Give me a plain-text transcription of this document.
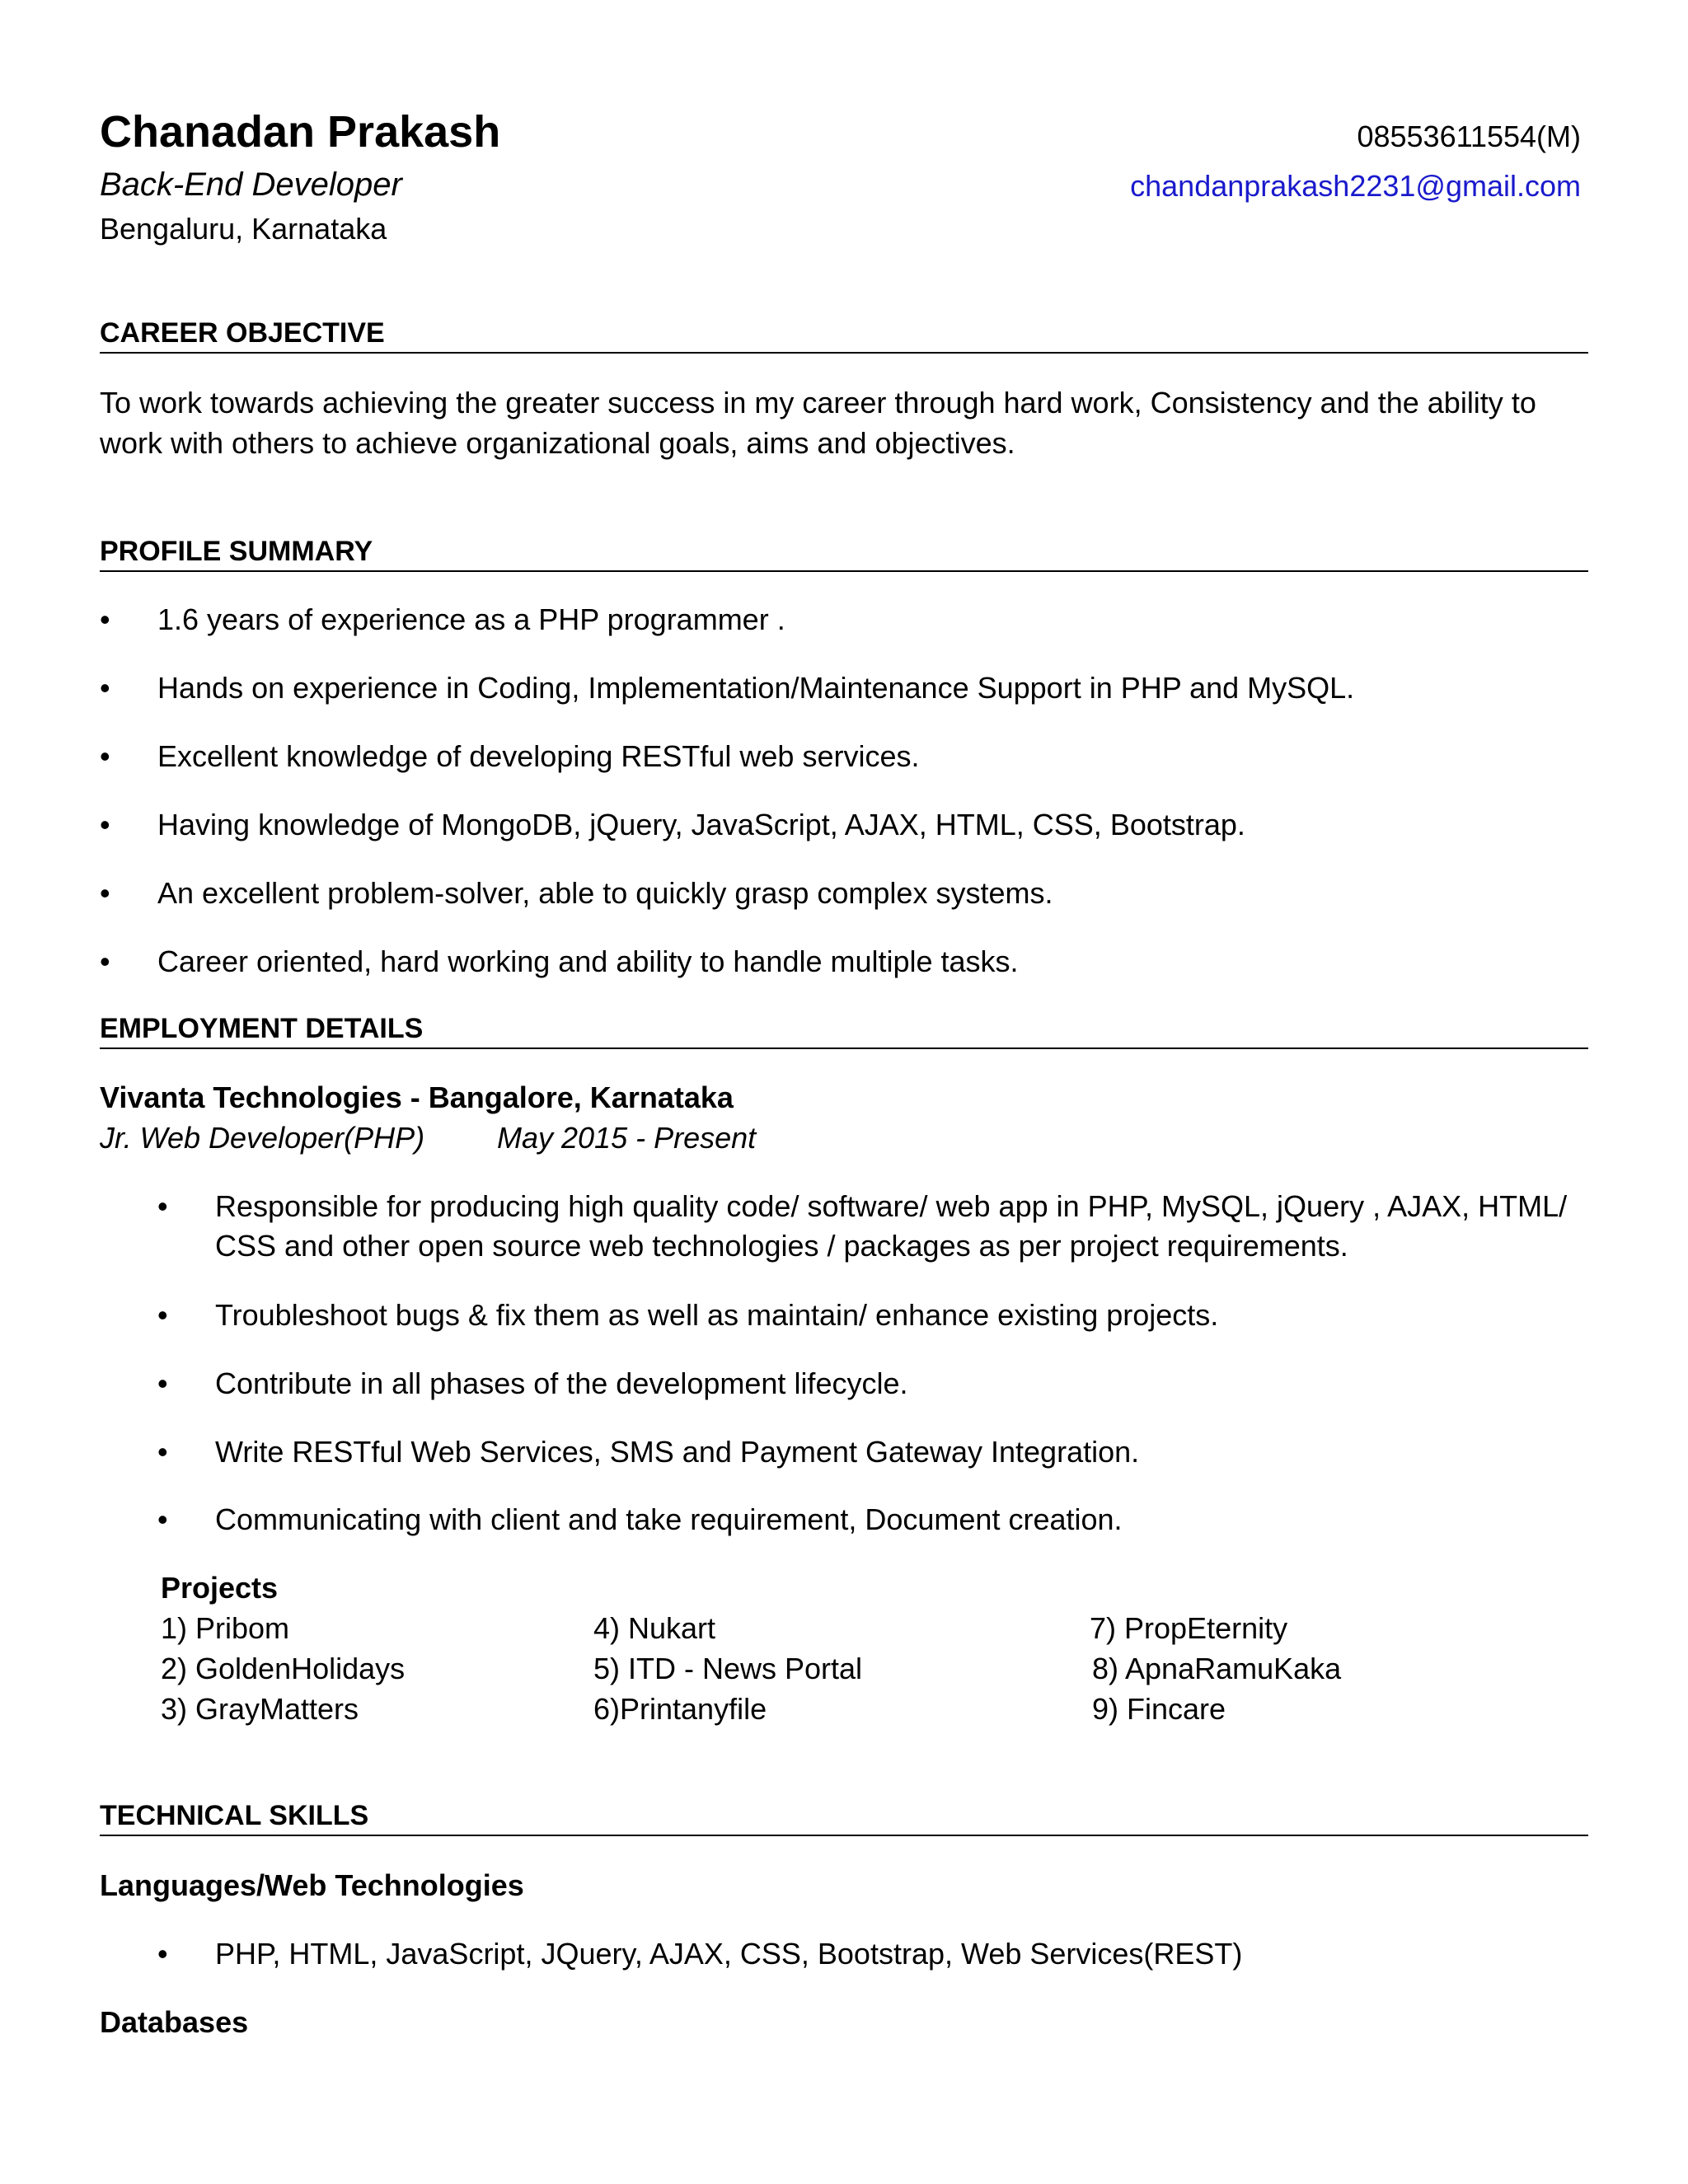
Chanadan Prakash	08553611554(M)
Back-End Developer	chandanprakash2231@gmail.com
Bengaluru, Karnataka
CAREER OBJECTIVE
To work towards achieving the greater success in my career through hard work, Consistency and the ability to
work with others to achieve organizational goals, aims and objectives.
PROFILE SUMMARY
• 1.6 years of experience as a PHP programmer .
• Hands on experience in Coding, Implementation/Maintenance Support in PHP and MySQL.
• Excellent knowledge of developing RESTful web services.
• Having knowledge of MongoDB, jQuery, JavaScript, AJAX, HTML, CSS, Bootstrap.
• An excellent problem-solver, able to quickly grasp complex systems.
• Career oriented, hard working and ability to handle multiple tasks.
EMPLOYMENT DETAILS
Vivanta Technologies - Bangalore, Karnataka
Jr. Web Developer(PHP) May 2015 - Present
• Responsible for producing high quality code/ software/ web app in PHP, MySQL, jQuery , AJAX, HTML/
CSS and other open source web technologies / packages as per project requirements.
• Troubleshoot bugs & fix them as well as maintain/ enhance existing projects.
• Contribute in all phases of the development lifecycle.
• Write RESTful Web Services, SMS and Payment Gateway Integration.
• Communicating with client and take requirement, Document creation.
Projects
1) Pribom
2) GoldenHolidays
3) GrayMatters
4) Nukart
5) ITD - News Portal
6)Printanyfile
7) PropEternity
8) ApnaRamuKaka
9) Fincare
TECHNICAL SKILLS
Languages/Web Technologies
• PHP, HTML, JavaScript, JQuery, AJAX, CSS, Bootstrap, Web Services(REST)
Databases
